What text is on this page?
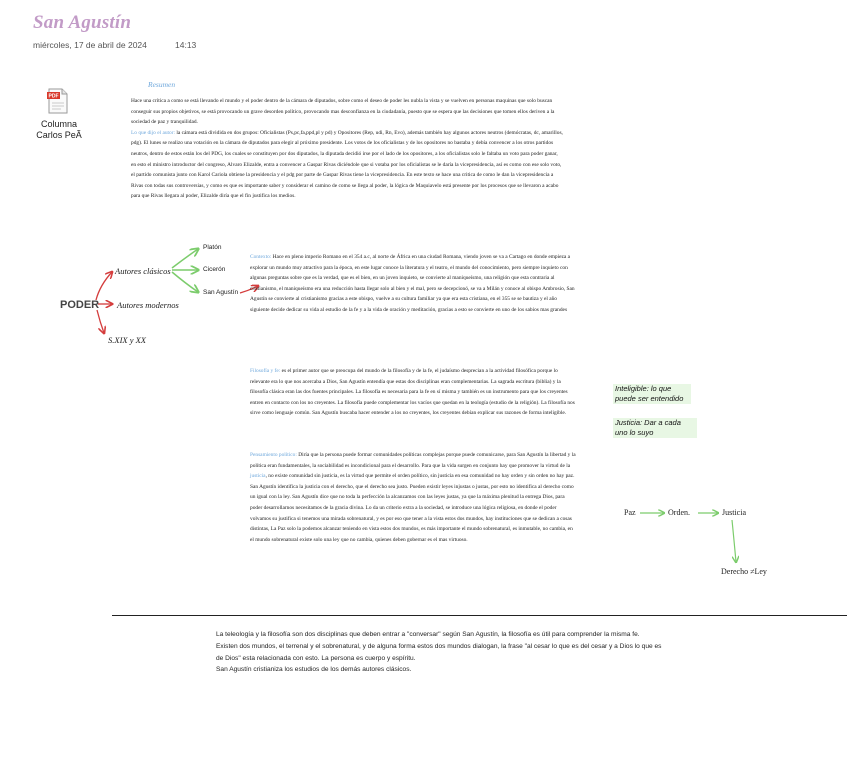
San Agustín
miércoles, 17 de abril de 2024	14:13
PDF
Columna
Carlos PeÃ
Resumen
Hace una crítica a como se está llevando el mundo y el poder dentro de la cámara de diputados, sobre como el deseo de poder les nubla la vista y se vuelven en personas maquinas que solo buscan conseguir sus propios objetivos, se está provocando un grave desorden político, provocando mas desconfianza en la ciudadanía, puesto que se espera que las decisiones que tomen ellos deriven a la sociedad de paz y tranquilidad.
Lo que dijo el autor: la cámara está dividida en dos grupos: Oficialistas (Ps,pc,fa,ppd,pl y pd) y Opositores (Rep, udi, Rn, Evo), además también hay algunos actores neutros (demócratas, dc, amarillos, pdg). El lunes se realizo una votación en la cámara de diputados para elegir al próximo presidente. Los votos de los oficialistas y de los opositores no bastaba y debía convencer a los otros partidos neutros, dentro de estos están los del PDG, los cuales se constituyen por dos diputados, la diputada decidió irse por el lado de los opositores, a los oficialistas solo le faltaba un voto para poder ganar, en esto el ministro introductor del congreso, Alvaro Elizalde, entra a convencer a Gaspar Rivas diciéndole que si votaba por los oficialistas se le daría la vicepresidencia, así es como con ese solo voto, el partido comunista junto con Karol Cariola obtiene la presidencia y el pdg por parte de Gaspar Rivas tiene la vicepresidencia. En este texto se hace una critica de como le dan la vicepresidencia a Rivas con todas sus controversias, y como es que es importante saber y considerar el camino de como se llega al poder, la lógica de Maquiavelo está presente por los procesos que se llevaron a acabo para que Rivas llegara al poder, Elizalde diría que el fin justifica los medios.
PODER
Autores clásicos
Autores modernos
S.XIX y XX
Platón
Cicerón
San Agustín
Contexto: Hace en pleno imperio Romano en el 354 a.c, al norte de África en una ciudad Romana, viendo joven se va a Cartago en donde empieza a explorar un mundo muy atractivo para la época, en este lugar conoce la literatura y el teatro, el mundo del conocimiento, pero siempre inquieto con algunas preguntas sobre que es la verdad, que es el bien, en un joven inquieto, se convierte al maniqueísmo, una religión que esta contraria al cristianismo, el maniqueísmo era una reducción hasta llegar solo al bien y el mal, pero se decepcionó, se va a Milán y conoce al obispo Ambrosio, San Agustín se convierte al cristianismo gracias a este obispo, vuelve a su cultura familiar ya que era esta cristiana, en el 355 se se bautiza y el año siguiente decide dedicar su vida al estudio de la fe y a la vida de oración y meditación, gracias a esto se convierte en uno de los sabios mas grandes
Filosofía y fe: es el primer autor que se preocupa del mundo de la filosofía y de la fe, el judaísmo desprecian a la actividad filosófica porque lo relevante era lo que nos acercaba a Dios, San Agustín entendía que estas dos disciplinas eran complementarias. La sagrada escritura (biblia) y la filosofía clásica eran las dos fuentes principales. La filosofía es necesaria para la fe en sí misma y también es un instrumento para que los creyentes entren en contacto con los no creyentes. La filosofía puede complementar los vacíos que quedan en la teología (estudio de la religión). La filosofía nos sirve como lenguaje común. San Agustín buscaba hacer entender a los no creyentes, los creyentes debían explicar sus razones de forma inteligible.
Pensamiento político: Diría que la persona puede formar comunidades políticas complejas porque puede comunicarse, para San Agustín la libertad y la política eran fundamentales, la sociabilidad es incondicional para el desarrollo. Para que la vida surgen en conjunto hay que promover la virtud de la justicia, no existe comunidad sin justicia, es la virtud que permite el orden político, sin justicia en esa comunidad no hay orden y sin orden no hay paz. San Agustín identifica la justicia con el derecho, que el derecho sea justo. Pueden existir leyes injustas o justas, por esto no identifica al derecho como un igual con la ley. San Agustín dice que no toda la perfección la alcanzamos con las leyes justas, ya que la máxima plenitud la entrega Dios, para poder desarrollarnos necesitamos de la gracia divina. Lo da un criterio extra a la sociedad, se introduce una lógica religiosa, en donde el poder volvamos su justifica si tenemos una mirada sobrenatural, y es por eso que tener a la vista estos dos mundos, hay instituciones que se dedican a cosas distintas, La Paz solo la podemos alcanzar teniendo en vista estos dos mundos, es más importante el mundo sobrenatural, es inmutable, no cambia, en el mundo sobrenatural existe solo una ley que no cambia, quienes deben gobernar es el mas virtuoso.
Inteligible: lo que puede ser entendido
Justicia: Dar a cada uno lo suyo
Paz	Orden.	Justicia
Derecho ≠Ley
La teleología y la filosofía son dos disciplinas que deben entrar a "conversar" según San Agustín, la filosofía es útil para comprender la misma fe. Existen dos mundos, el terrenal y el sobrenatural, y de alguna forma estos dos mundos dialogan, la frase "al cesar lo que es del cesar y a Dios lo que es de Dios" esta relacionada con esto. La persona es cuerpo y espíritu.
San Agustín cristianiza los estudios de los demás autores clásicos.
